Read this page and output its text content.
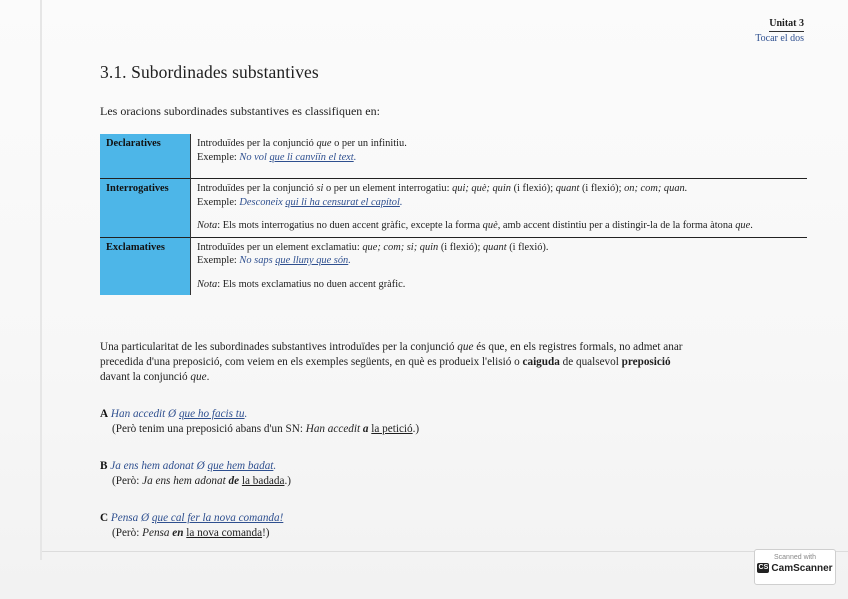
Unitat 3
Tocar el dos
3.1. Subordinades substantives

Les oracions subordinades substantives es classifiquen en:

Declaratives	Introduïdes per la conjunció que o per un infinitiu.
Exemple: No vol que li canviïn el text.

Interrogatives	Introduïdes per la conjunció si o per un element interrogatiu: qui; què; quin (i flexió); quant (i flexió); on; com; quan.
Exemple: Desconeix qui li ha censurat el capítol.
Nota: Els mots interrogatius no duen accent gràfic, excepte la forma què, amb accent distintiu per a distingir-la de la forma àtona que.

Exclamatives	Introduïdes per un element exclamatiu: que; com; si; quin (i flexió); quant (i flexió).
Exemple: No saps que lluny que són.
Nota: Els mots exclamatius no duen accent gràfic.

Una particularitat de les subordinades substantives introduïdes per la conjunció que és que, en els registres formals, no admet anar precedida d'una preposició, com veiem en els exemples següents, en què es produeix l'elisió o caiguda de qualsevol preposició davant la conjunció que.

A Han accedit Ø que ho facis tu.
(Però tenim una preposició abans d'un SN: Han accedit a la petició.)
B Ja ens hem adonat Ø que hem badat.
(Però: Ja ens hem adonat de la badada.)
C Pensa Ø que cal fer la nova comanda!
(Però: Pensa en la nova comanda!)
Scanned with
CS CamScanner
